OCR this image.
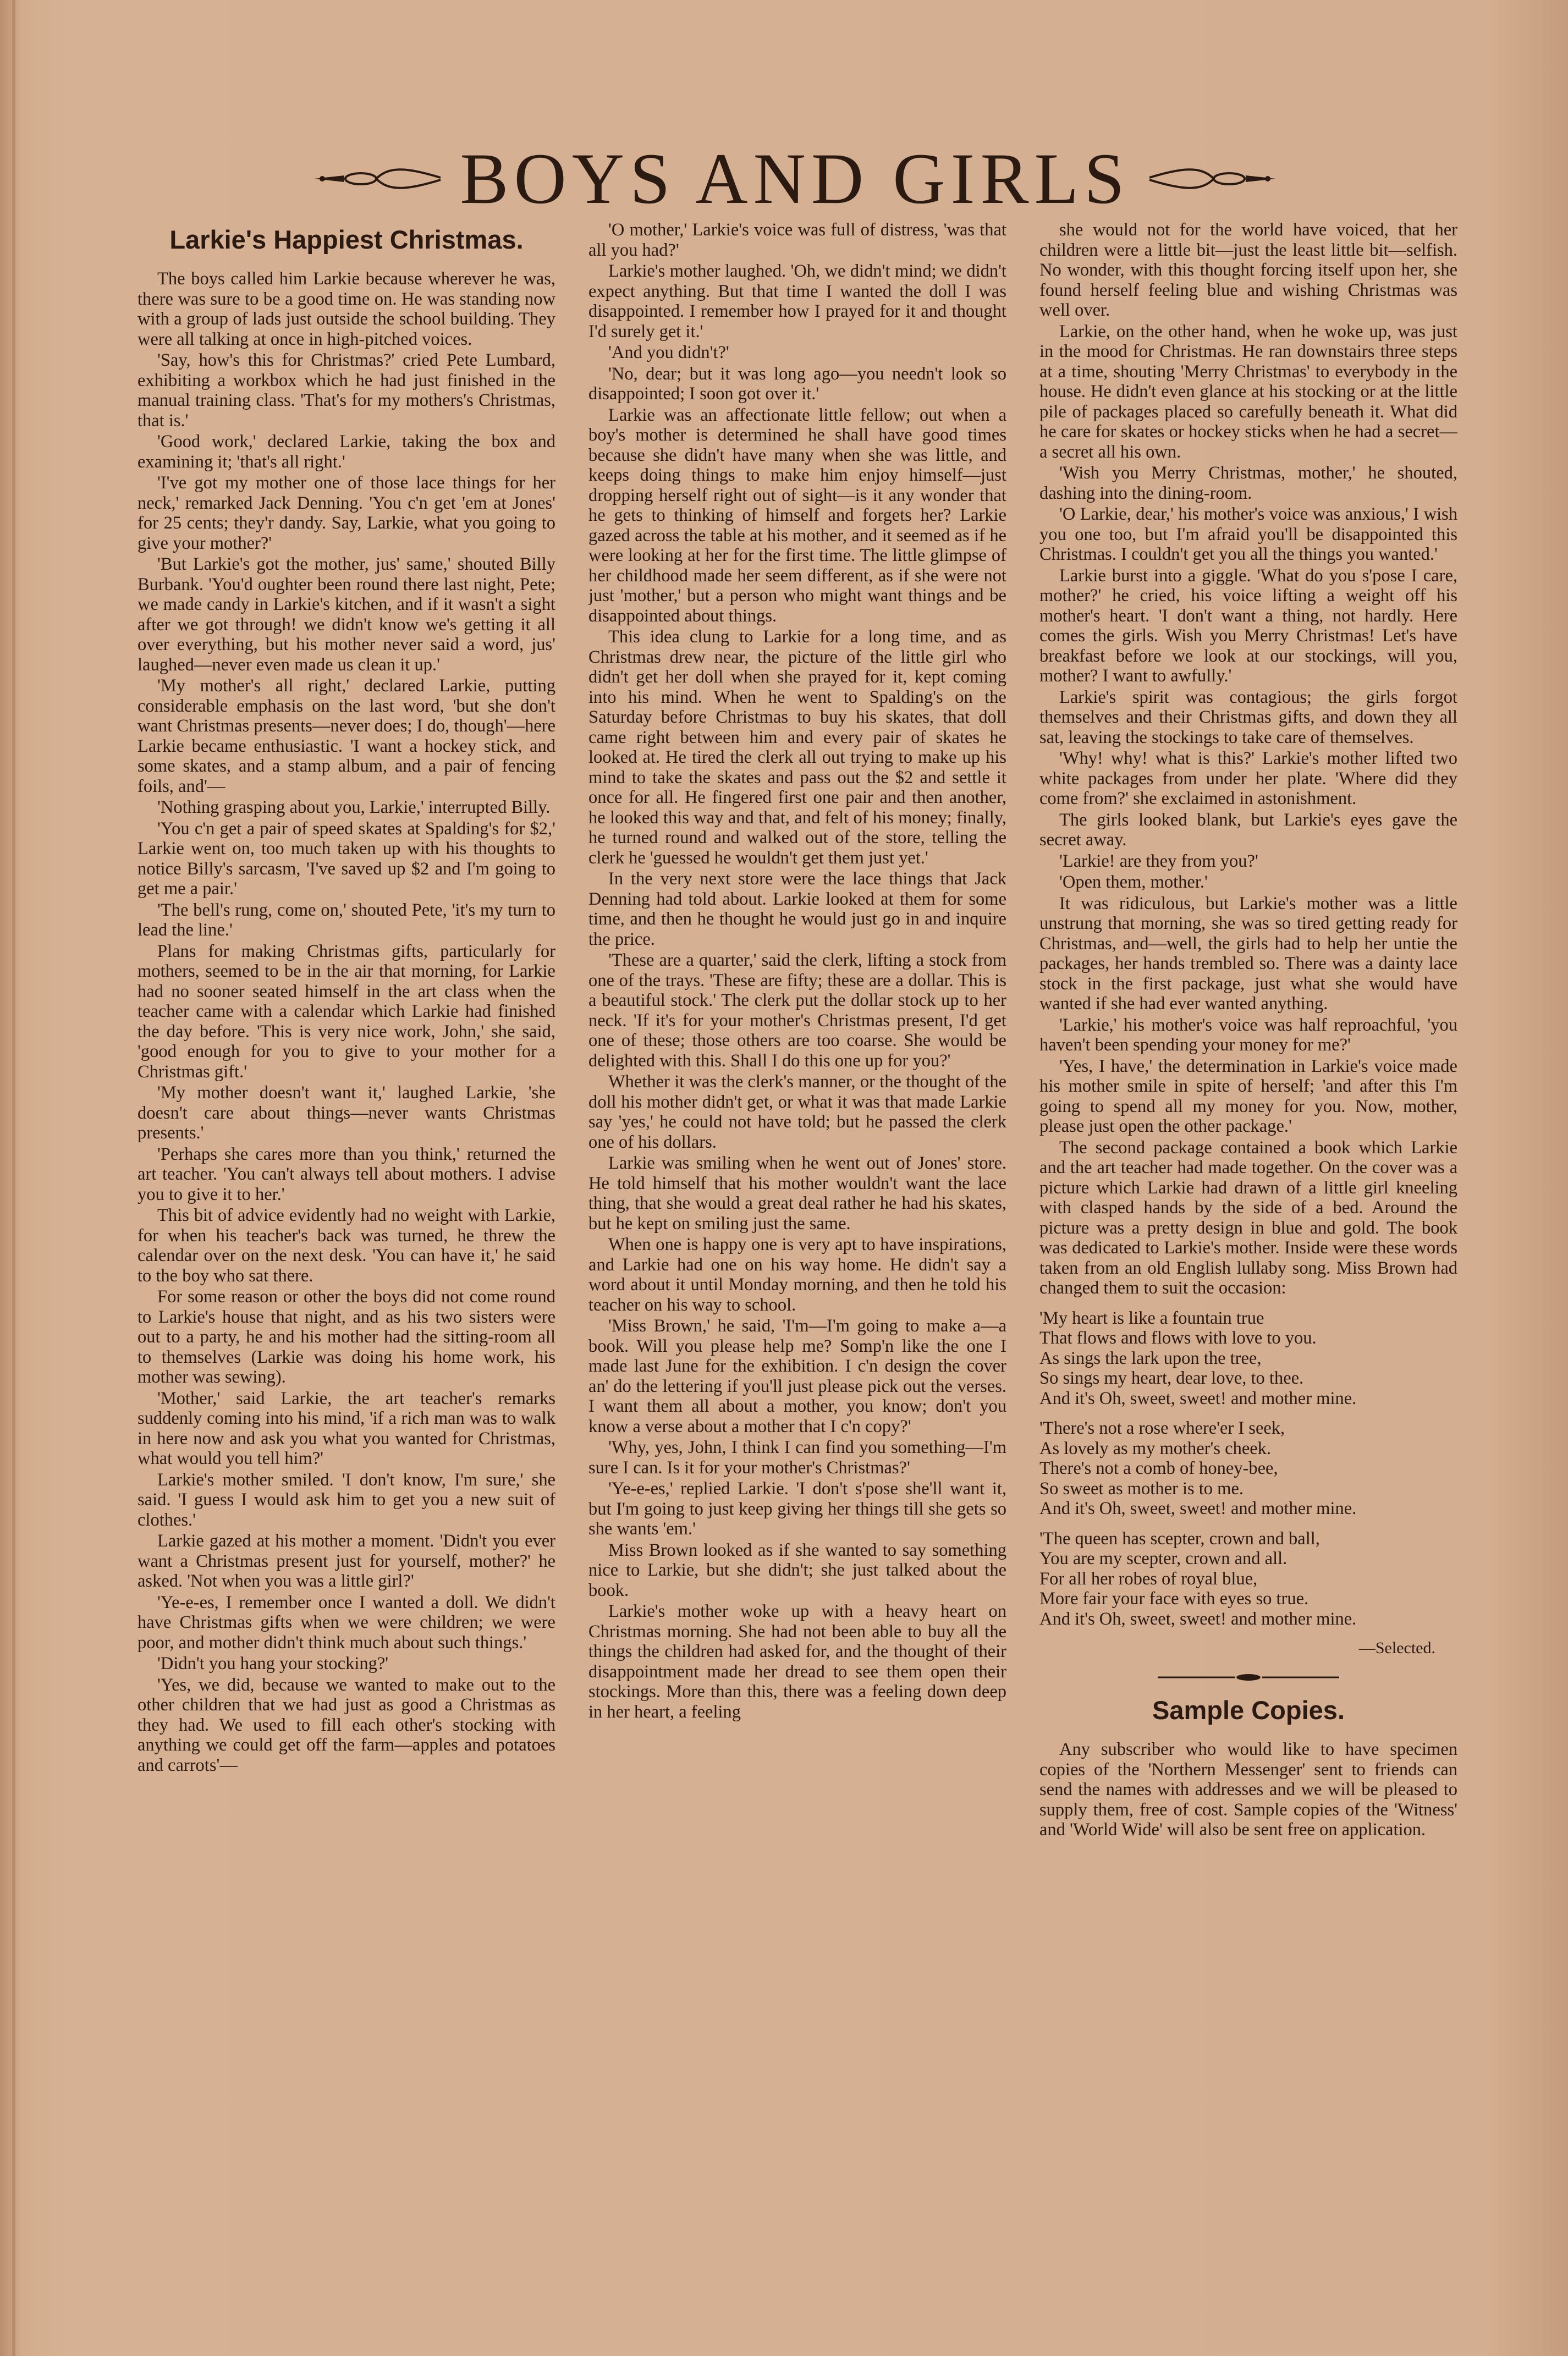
BOYS AND GIRLS
Larkie's Happiest Christmas.

The boys called him Larkie because wherever he was, there was sure to be a good time on. He was standing now with a group of lads just outside the school building. They were all talking at once in high-pitched voices.

'Say, how's this for Christmas?' cried Pete Lumbard, exhibiting a workbox which he had just finished in the manual training class. 'That's for my mothers's Christmas, that is.'

'Good work,' declared Larkie, taking the box and examining it; 'that's all right.'

'I've got my mother one of those lace things for her neck,' remarked Jack Denning. 'You c'n get 'em at Jones' for 25 cents; they'r dandy. Say, Larkie, what you going to give your mother?'

'But Larkie's got the mother, jus' same,' shouted Billy Burbank. 'You'd oughter been round there last night, Pete; we made candy in Larkie's kitchen, and if it wasn't a sight after we got through! we didn't know we's getting it all over everything, but his mother never said a word, jus' laughed—never even made us clean it up.'

'My mother's all right,' declared Larkie, putting considerable emphasis on the last word, 'but she don't want Christmas presents—never does; I do, though'—here Larkie became enthusiastic. 'I want a hockey stick, and some skates, and a stamp album, and a pair of fencing foils, and'—

'Nothing grasping about you, Larkie,' interrupted Billy.

'You c'n get a pair of speed skates at Spalding's for $2,' Larkie went on, too much taken up with his thoughts to notice Billy's sarcasm, 'I've saved up $2 and I'm going to get me a pair.'

'The bell's rung, come on,' shouted Pete, 'it's my turn to lead the line.'

Plans for making Christmas gifts, particularly for mothers, seemed to be in the air that morning, for Larkie had no sooner seated himself in the art class when the teacher came with a calendar which Larkie had finished the day before. 'This is very nice work, John,' she said, 'good enough for you to give to your mother for a Christmas gift.'

'My mother doesn't want it,' laughed Larkie, 'she doesn't care about things—never wants Christmas presents.'

'Perhaps she cares more than you think,' returned the art teacher. 'You can't always tell about mothers. I advise you to give it to her.'

This bit of advice evidently had no weight with Larkie, for when his teacher's back was turned, he threw the calendar over on the next desk. 'You can have it,' he said to the boy who sat there.

For some reason or other the boys did not come round to Larkie's house that night, and as his two sisters were out to a party, he and his mother had the sitting-room all to themselves (Larkie was doing his home work, his mother was sewing).

'Mother,' said Larkie, the art teacher's remarks suddenly coming into his mind, 'if a rich man was to walk in here now and ask you what you wanted for Christmas, what would you tell him?'

Larkie's mother smiled. 'I don't know, I'm sure,' she said. 'I guess I would ask him to get you a new suit of clothes.'

Larkie gazed at his mother a moment. 'Didn't you ever want a Christmas present just for yourself, mother?' he asked. 'Not when you was a little girl?'

'Ye-e-es, I remember once I wanted a doll. We didn't have Christmas gifts when we were children; we were poor, and mother didn't think much about such things.'

'Didn't you hang your stocking?'

'Yes, we did, because we wanted to make out to the other children that we had just as good a Christmas as they had. We used to fill each other's stocking with anything we could get off the farm—apples and potatoes and carrots'—

'O mother,' Larkie's voice was full of distress, 'was that all you had?'

Larkie's mother laughed. 'Oh, we didn't mind; we didn't expect anything. But that time I wanted the doll I was disappointed. I remember how I prayed for it and thought I'd surely get it.'

'And you didn't?'

'No, dear; but it was long ago—you needn't look so disappointed; I soon got over it.'

Larkie was an affectionate little fellow; out when a boy's mother is determined he shall have good times because she didn't have many when she was little, and keeps doing things to make him enjoy himself—just dropping herself right out of sight—is it any wonder that he gets to thinking of himself and forgets her? Larkie gazed across the table at his mother, and it seemed as if he were looking at her for the first time. The little glimpse of her childhood made her seem different, as if she were not just 'mother,' but a person who might want things and be disappointed about things.

This idea clung to Larkie for a long time, and as Christmas drew near, the picture of the little girl who didn't get her doll when she prayed for it, kept coming into his mind. When he went to Spalding's on the Saturday before Christmas to buy his skates, that doll came right between him and every pair of skates he looked at. He tired the clerk all out trying to make up his mind to take the skates and pass out the $2 and settle it once for all. He fingered first one pair and then another, he looked this way and that, and felt of his money; finally, he turned round and walked out of the store, telling the clerk he 'guessed he wouldn't get them just yet.'

In the very next store were the lace things that Jack Denning had told about. Larkie looked at them for some time, and then he thought he would just go in and inquire the price.

'These are a quarter,' said the clerk, lifting a stock from one of the trays. 'These are fifty; these are a dollar. This is a beautiful stock.' The clerk put the dollar stock up to her neck. 'If it's for your mother's Christmas present, I'd get one of these; those others are too coarse. She would be delighted with this. Shall I do this one up for you?'

Whether it was the clerk's manner, or the thought of the doll his mother didn't get, or what it was that made Larkie say 'yes,' he could not have told; but he passed the clerk one of his dollars.

Larkie was smiling when he went out of Jones' store. He told himself that his mother wouldn't want the lace thing, that she would a great deal rather he had his skates, but he kept on smiling just the same.

When one is happy one is very apt to have inspirations, and Larkie had one on his way home. He didn't say a word about it until Monday morning, and then he told his teacher on his way to school.

'Miss Brown,' he said, 'I'm—I'm going to make a—a book. Will you please help me? Somp'n like the one I made last June for the exhibition. I c'n design the cover an' do the lettering if you'll just please pick out the verses. I want them all about a mother, you know; don't you know a verse about a mother that I c'n copy?'

'Why, yes, John, I think I can find you something—I'm sure I can. Is it for your mother's Christmas?'

'Ye-e-es,' replied Larkie. 'I don't s'pose she'll want it, but I'm going to just keep giving her things till she gets so she wants 'em.'

Miss Brown looked as if she wanted to say something nice to Larkie, but she didn't; she just talked about the book.

Larkie's mother woke up with a heavy heart on Christmas morning. She had not been able to buy all the things the children had asked for, and the thought of their disappointment made her dread to see them open their stockings. More than this, there was a feeling down deep in her heart, a feeling

she would not for the world have voiced, that her children were a little bit—just the least little bit—selfish. No wonder, with this thought forcing itself upon her, she found herself feeling blue and wishing Christmas was well over.

Larkie, on the other hand, when he woke up, was just in the mood for Christmas. He ran downstairs three steps at a time, shouting 'Merry Christmas' to everybody in the house. He didn't even glance at his stocking or at the little pile of packages placed so carefully beneath it. What did he care for skates or hockey sticks when he had a secret—a secret all his own.

'Wish you Merry Christmas, mother,' he shouted, dashing into the dining-room.

'O Larkie, dear,' his mother's voice was anxious,' I wish you one too, but I'm afraid you'll be disappointed this Christmas. I couldn't get you all the things you wanted.'

Larkie burst into a giggle. 'What do you s'pose I care, mother?' he cried, his voice lifting a weight off his mother's heart. 'I don't want a thing, not hardly. Here comes the girls. Wish you Merry Christmas! Let's have breakfast before we look at our stockings, will you, mother? I want to awfully.'

Larkie's spirit was contagious; the girls forgot themselves and their Christmas gifts, and down they all sat, leaving the stockings to take care of themselves.

'Why! why! what is this?' Larkie's mother lifted two white packages from under her plate. 'Where did they come from?' she exclaimed in astonishment.

The girls looked blank, but Larkie's eyes gave the secret away.

'Larkie! are they from you?'

'Open them, mother.'

It was ridiculous, but Larkie's mother was a little unstrung that morning, she was so tired getting ready for Christmas, and—well, the girls had to help her untie the packages, her hands trembled so. There was a dainty lace stock in the first package, just what she would have wanted if she had ever wanted anything.

'Larkie,' his mother's voice was half reproachful, 'you haven't been spending your money for me?'

'Yes, I have,' the determination in Larkie's voice made his mother smile in spite of herself; 'and after this I'm going to spend all my money for you. Now, mother, please just open the other package.'

The second package contained a book which Larkie and the art teacher had made together. On the cover was a picture which Larkie had drawn of a little girl kneeling with clasped hands by the side of a bed. Around the picture was a pretty design in blue and gold. The book was dedicated to Larkie's mother. Inside were these words taken from an old English lullaby song. Miss Brown had changed them to suit the occasion:

'My heart is like a fountain true
That flows and flows with love to you.
As sings the lark upon the tree,
So sings my heart, dear love, to thee.
And it's Oh, sweet, sweet! and mother mine.
'There's not a rose where'er I seek,
As lovely as my mother's cheek.
There's not a comb of honey-bee,
So sweet as mother is to me.
And it's Oh, sweet, sweet! and mother mine.
'The queen has scepter, crown and ball,
You are my scepter, crown and all.
For all her robes of royal blue,
More fair your face with eyes so true.
And it's Oh, sweet, sweet! and mother mine.
—Selected.
Sample Copies.

Any subscriber who would like to have specimen copies of the 'Northern Messenger' sent to friends can send the names with addresses and we will be pleased to supply them, free of cost. Sample copies of the 'Witness' and 'World Wide' will also be sent free on application.
